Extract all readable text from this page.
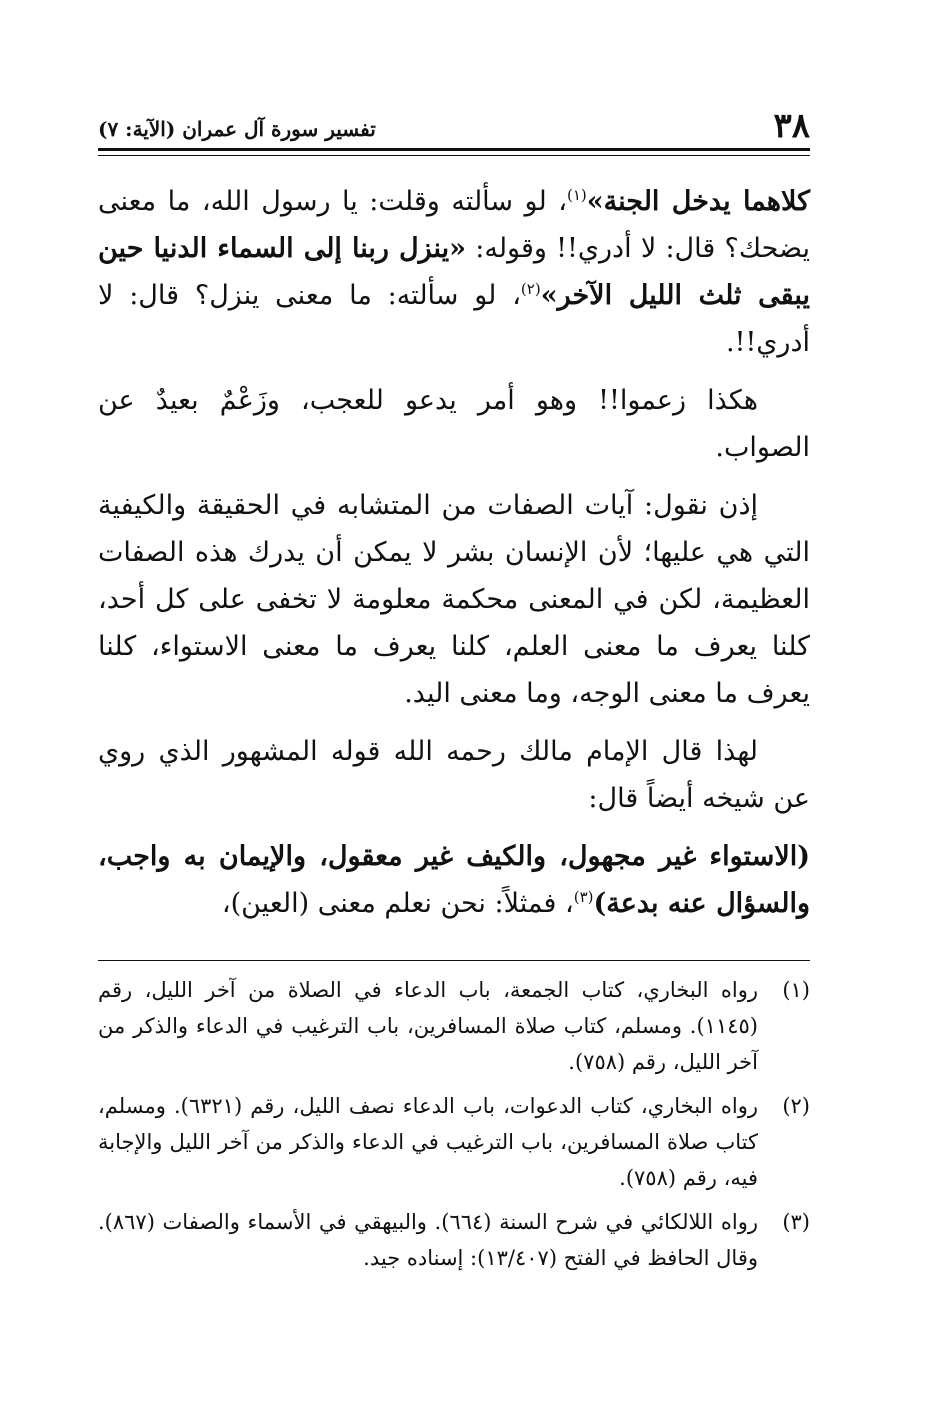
٣٨
تفسير سورة آل عمران (الآية: ٧)

كلاهما يدخل الجنة»$^{(١)}$، لو سألته وقلت: يا رسول الله، ما معنى يضحك؟ قال: لا أدري!! وقوله: «ينزل ربنا إلى السماء الدنيا حين يبقى ثلث الليل الآخر»$^{(٢)}$، لو سألته: ما معنى ينزل؟ قال: لا أدري!!.

هكذا زعموا!! وهو أمر يدعو للعجب، وزَعْمٌ بعيدٌ عن الصواب.

إذن نقول: آيات الصفات من المتشابه في الحقيقة والكيفية التي هي عليها؛ لأن الإنسان بشر لا يمكن أن يدرك هذه الصفات العظيمة، لكن في المعنى محكمة معلومة لا تخفى على كل أحد، كلنا يعرف ما معنى العلم، كلنا يعرف ما معنى الاستواء، كلنا يعرف ما معنى الوجه، وما معنى اليد.

لهذا قال الإمام مالك رحمه الله قوله المشهور الذي روي عن شيخه أيضاً قال:

(الاستواء غير مجهول، والكيف غير معقول، والإيمان به واجب، والسؤال عنه بدعة)$^{(٣)}$، فمثلاً: نحن نعلم معنى (العين)،

(١)
رواه البخاري، كتاب الجمعة، باب الدعاء في الصلاة من آخر الليل، رقم (١١٤٥). ومسلم، كتاب صلاة المسافرين، باب الترغيب في الدعاء والذكر من آخر الليل، رقم (٧٥٨).
(٢)
رواه البخاري، كتاب الدعوات، باب الدعاء نصف الليل، رقم (٦٣٢١). ومسلم، كتاب صلاة المسافرين، باب الترغيب في الدعاء والذكر من آخر الليل والإجابة فيه، رقم (٧٥٨).
(٣)
رواه اللالكائي في شرح السنة (٦٦٤). والبيهقي في الأسماء والصفات (٨٦٧). وقال الحافظ في الفتح (١٣/٤٠٧): إسناده جيد.
